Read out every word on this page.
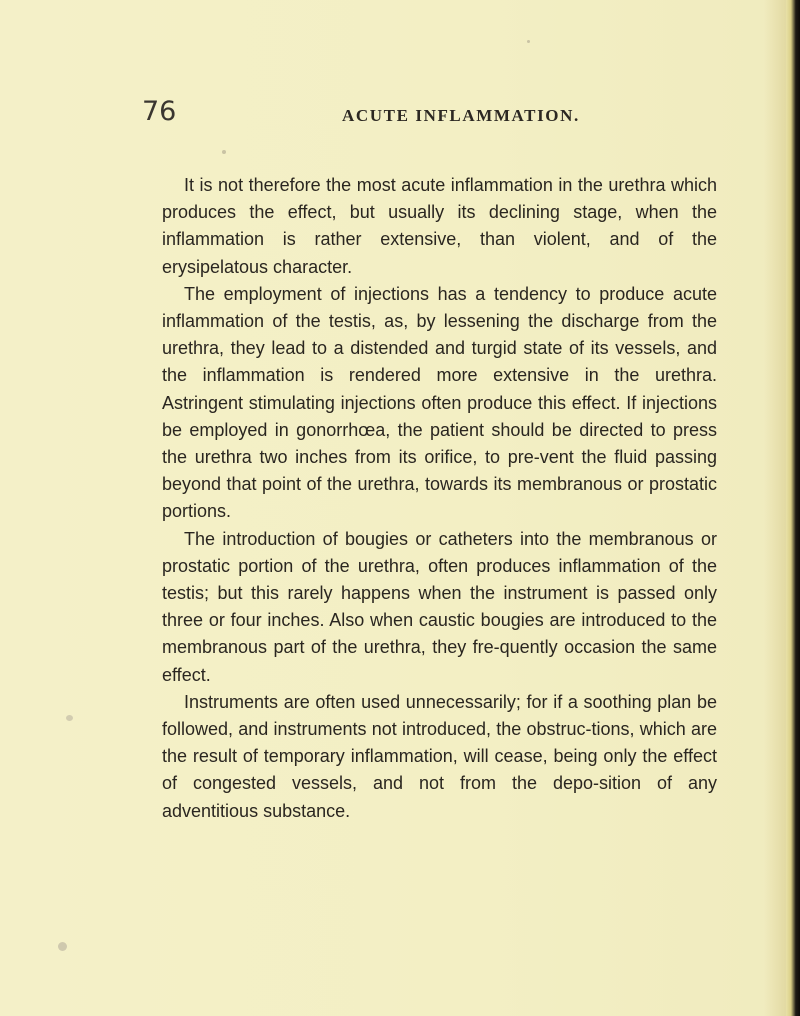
76	ACUTE INFLAMMATION.

It is not therefore the most acute inflammation in the urethra which produces the effect, but usually its declining stage, when the inflammation is rather extensive, than violent, and of the erysipelatous character.

The employment of injections has a tendency to produce acute inflammation of the testis, as, by lessening the discharge from the urethra, they lead to a distended and turgid state of its vessels, and the inflammation is rendered more extensive in the urethra. Astringent stimulating injections often produce this effect. If injections be employed in gonorrhœa, the patient should be directed to press the urethra two inches from its orifice, to pre-vent the fluid passing beyond that point of the urethra, towards its membranous or prostatic portions.

The introduction of bougies or catheters into the membranous or prostatic portion of the urethra, often produces inflammation of the testis; but this rarely happens when the instrument is passed only three or four inches. Also when caustic bougies are introduced to the membranous part of the urethra, they fre-quently occasion the same effect.

Instruments are often used unnecessarily; for if a soothing plan be followed, and instruments not introduced, the obstruc-tions, which are the result of temporary inflammation, will cease, being only the effect of congested vessels, and not from the depo-sition of any adventitious substance.
